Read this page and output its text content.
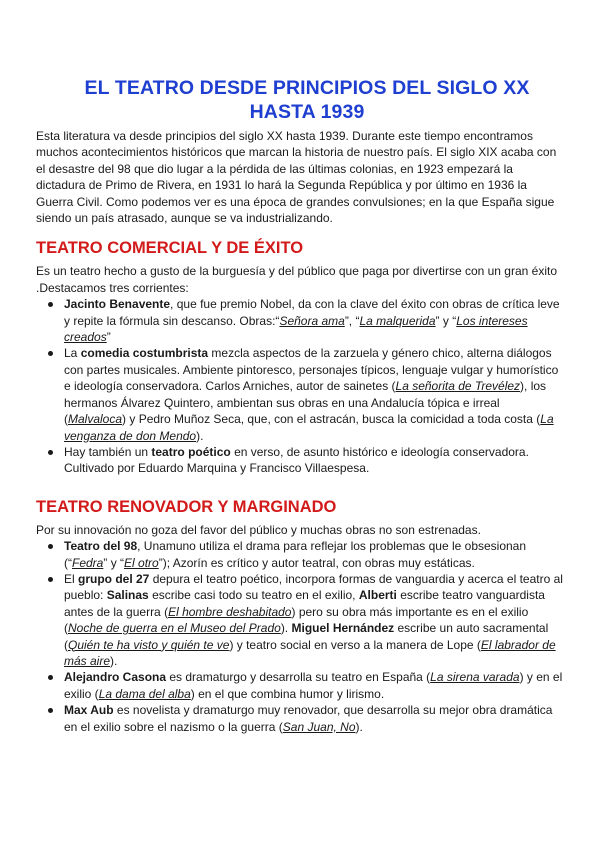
EL TEATRO DESDE PRINCIPIOS DEL SIGLO XX HASTA 1939

Esta literatura va desde principios del siglo XX hasta 1939. Durante este tiempo encontramos muchos acontecimientos históricos que marcan la historia de nuestro país. El siglo XIX acaba con el desastre del 98 que dio lugar a la pérdida de las últimas colonias, en 1923 empezará la dictadura de Primo de Rivera, en 1931 lo hará la Segunda República y por último en 1936 la Guerra Civil. Como podemos ver es una época de grandes convulsiones; en la que España sigue siendo un país atrasado, aunque se va industrializando.

TEATRO COMERCIAL Y DE ÉXITO

Es un teatro hecho a gusto de la burguesía y del público que paga por divertirse con un gran éxito .Destacamos tres corrientes:

Jacinto Benavente, que fue premio Nobel, da con la clave del éxito con obras de crítica leve y repite la fórmula sin descanso. Obras:“Señora ama”, “La malquerida” y “Los intereses creados”
La comedia costumbrista mezcla aspectos de la zarzuela y género chico, alterna diálogos con partes musicales. Ambiente pintoresco, personajes típicos, lenguaje vulgar y humorístico e ideología conservadora. Carlos Arniches, autor de sainetes (La señorita de Trevélez), los hermanos Álvarez Quintero, ambientan sus obras en una Andalucía tópica e irreal (Malvaloca) y Pedro Muñoz Seca, que, con el astracán, busca la comicidad a toda costa (La venganza de don Mendo).
Hay también un teatro poético en verso, de asunto histórico e ideología conservadora. Cultivado por Eduardo Marquina y Francisco Villaespesa.
TEATRO RENOVADOR Y MARGINADO

Por su innovación no goza del favor del público y muchas obras no son estrenadas.

Teatro del 98, Unamuno utiliza el drama para reflejar los problemas que le obsesionan (“Fedra” y “El otro”); Azorín es crítico y autor teatral, con obras muy estáticas.
El grupo del 27 depura el teatro poético, incorpora formas de vanguardia y acerca el teatro al pueblo: Salinas escribe casi todo su teatro en el exilio, Alberti escribe teatro vanguardista antes de la guerra (El hombre deshabitado) pero su obra más importante es en el exilio (Noche de guerra en el Museo del Prado). Miguel Hernández escribe un auto sacramental (Quién te ha visto y quién te ve) y teatro social en verso a la manera de Lope (El labrador de más aire).
Alejandro Casona es dramaturgo y desarrolla su teatro en España (La sirena varada) y en el exilio (La dama del alba) en el que combina humor y lirismo.
Max Aub es novelista y dramaturgo muy renovador, que desarrolla su mejor obra dramática en el exilio sobre el nazismo o la guerra (San Juan, No).
